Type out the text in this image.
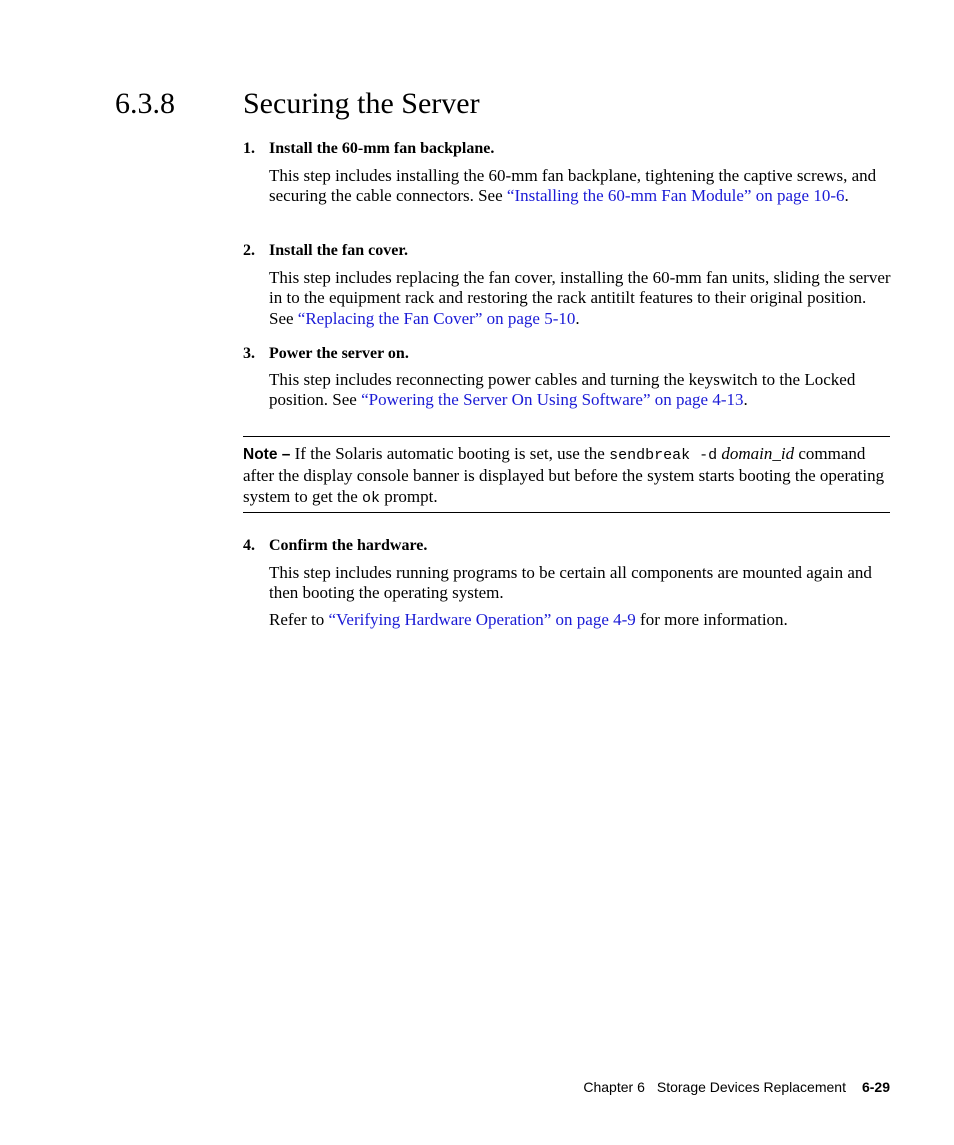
6.3.8 Securing the Server
1. Install the 60-mm fan backplane.
This step includes installing the 60-mm fan backplane, tightening the captive screws, and securing the cable connectors. See “Installing the 60-mm Fan Module” on page 10-6.
2. Install the fan cover.
This step includes replacing the fan cover, installing the 60-mm fan units, sliding the server in to the equipment rack and restoring the rack antitilt features to their original position. See “Replacing the Fan Cover” on page 5-10.
3. Power the server on.
This step includes reconnecting power cables and turning the keyswitch to the Locked position. See “Powering the Server On Using Software” on page 4-13.
Note – If the Solaris automatic booting is set, use the sendbreak -d domain_id command after the display console banner is displayed but before the system starts booting the operating system to get the ok prompt.
4. Confirm the hardware.
This step includes running programs to be certain all components are mounted again and then booting the operating system.
Refer to “Verifying Hardware Operation” on page 4-9 for more information.
Chapter 6 Storage Devices Replacement 6-29
